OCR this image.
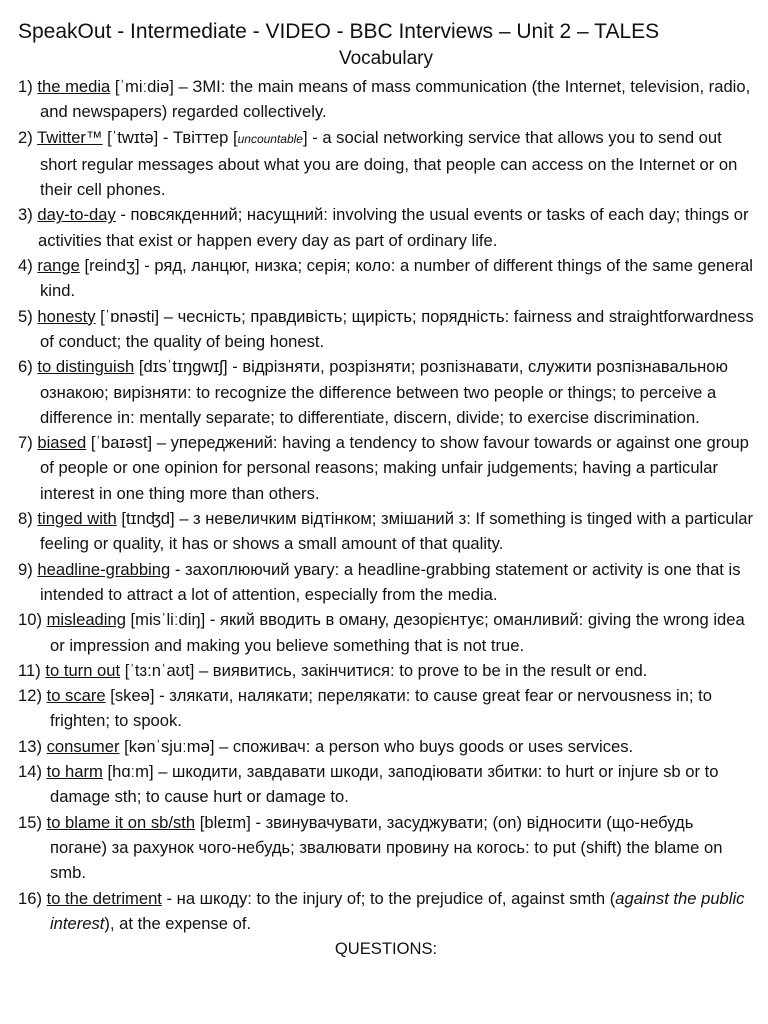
SpeakOut - Intermediate - VIDEO - BBC Interviews – Unit 2 – TALES
Vocabulary
1) the media [ˈmiːdiə] – ЗМІ: the main means of mass communication (the Internet, television, radio, and newspapers) regarded collectively.
2) Twitter™ [ˈtwɪtə] - Твіттер [uncountable] - a social networking service that allows you to send out short regular messages about what you are doing, that people can access on the Internet or on their cell phones.
3) day-to-day - повсякденний; насущний: involving the usual events or tasks of each day; things or activities that exist or happen every day as part of ordinary life.
4) range [reindʒ] - ряд, ланцюг, низка; серія; коло: a number of different things of the same general kind.
5) honesty [ˈɒnəsti] – чесність; правдивість; щирість; порядність: fairness and straightforwardness of conduct; the quality of being honest.
6) to distinguish [dɪsˈtɪŋgwɪʃ] - відрізняти, розрізняти; розпізнавати, служити розпізнавальною ознакою; вирізняти: to recognize the difference between two people or things; to perceive a difference in: mentally separate; to differentiate, discern, divide; to exercise discrimination.
7) biased [ˈbaɪəst] – упереджений: having a tendency to show favour towards or against one group of people or one opinion for personal reasons; making unfair judgements; having a particular interest in one thing more than others.
8) tinged with [tɪnʤd] – з невеличким відтінком; змішаний з: If something is tinged with a particular feeling or quality, it has or shows a small amount of that quality.
9) headline-grabbing - захоплюючий увагу: a headline-grabbing statement or activity is one that is intended to attract a lot of attention, especially from the media.
10) misleading [misˈliːdiŋ] - який вводить в оману, дезорієнтує; оманливий: giving the wrong idea or impression and making you believe something that is not true.
11) to turn out [ˈtɜ:nˈaʊt] – виявитись, закінчитися: to prove to be in the result or end.
12) to scare [skeə] - злякати, налякати; перелякати: to cause great fear or nervousness in; to frighten; to spook.
13) consumer [kənˈsjuːmə] – споживач: a person who buys goods or uses services.
14) to harm [hɑːm] – шкодити, завдавати шкоди, заподіювати збитки: to hurt or injure sb or to damage sth; to cause hurt or damage to.
15) to blame it on sb/sth [bleɪm] - звинувачувати, засуджувати; (on) відносити (що-небудь погане) за рахунок чого-небудь; звалювати провину на когось: to put (shift) the blame on smb.
16) to the detriment - на шкоду: to the injury of; to the prejudice of, against smth (against the public interest), at the expense of.

QUESTIONS:
